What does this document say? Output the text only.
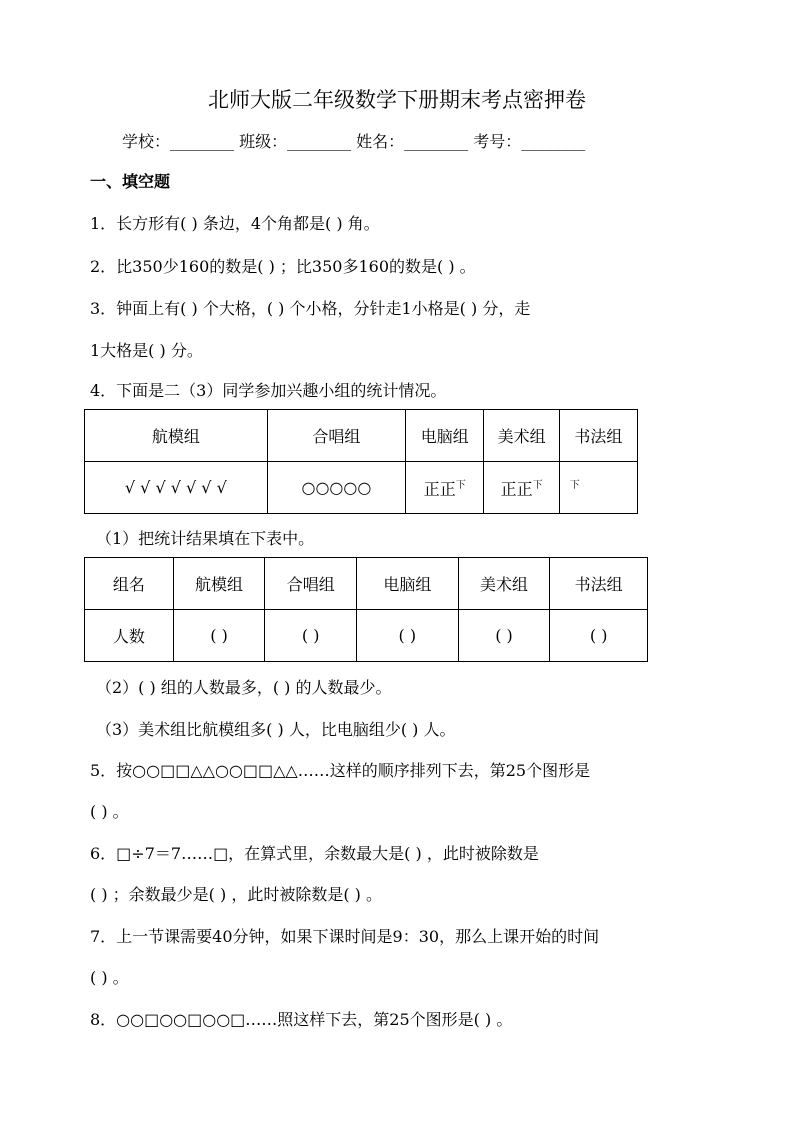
北师大版二年级数学下册期末考点密押卷
学校：________ 班级：________ 姓名：________ 考号：________
一、填空题
1．长方形有( ) 条边，4个角都是( ) 角。
2．比350少160的数是( ) ；比350多160的数是( ) 。
3．钟面上有( ) 个大格，( ) 个小格，分针走1小格是( ) 分，走
1大格是( ) 分。
4．下面是二（3）同学参加兴趣小组的统计情况。
航模组	合唱组	电脑组	美术组	书法组
√ √ √ √ √ √ √	○○○○○	正正$^下$	正正$^下$	$^下$
（1）把统计结果填在下表中。
组名	航模组	合唱组	电脑组	美术组	书法组
人数	( )	( )	( )	( )	( )
（2）( ) 组的人数最多，( ) 的人数最少。
（3）美术组比航模组多( ) 人，比电脑组少( ) 人。
5．按○○□□△△○○□□△△……这样的顺序排列下去，第25个图形是
( ) 。
6．□÷7＝7……□，在算式里，余数最大是( ) ，此时被除数是
( ) ；余数最少是( ) ，此时被除数是( ) 。
7．上一节课需要40分钟，如果下课时间是9：30，那么上课开始的时间
( ) 。
8．○○□○○□○○□……照这样下去，第25个图形是( ) 。
